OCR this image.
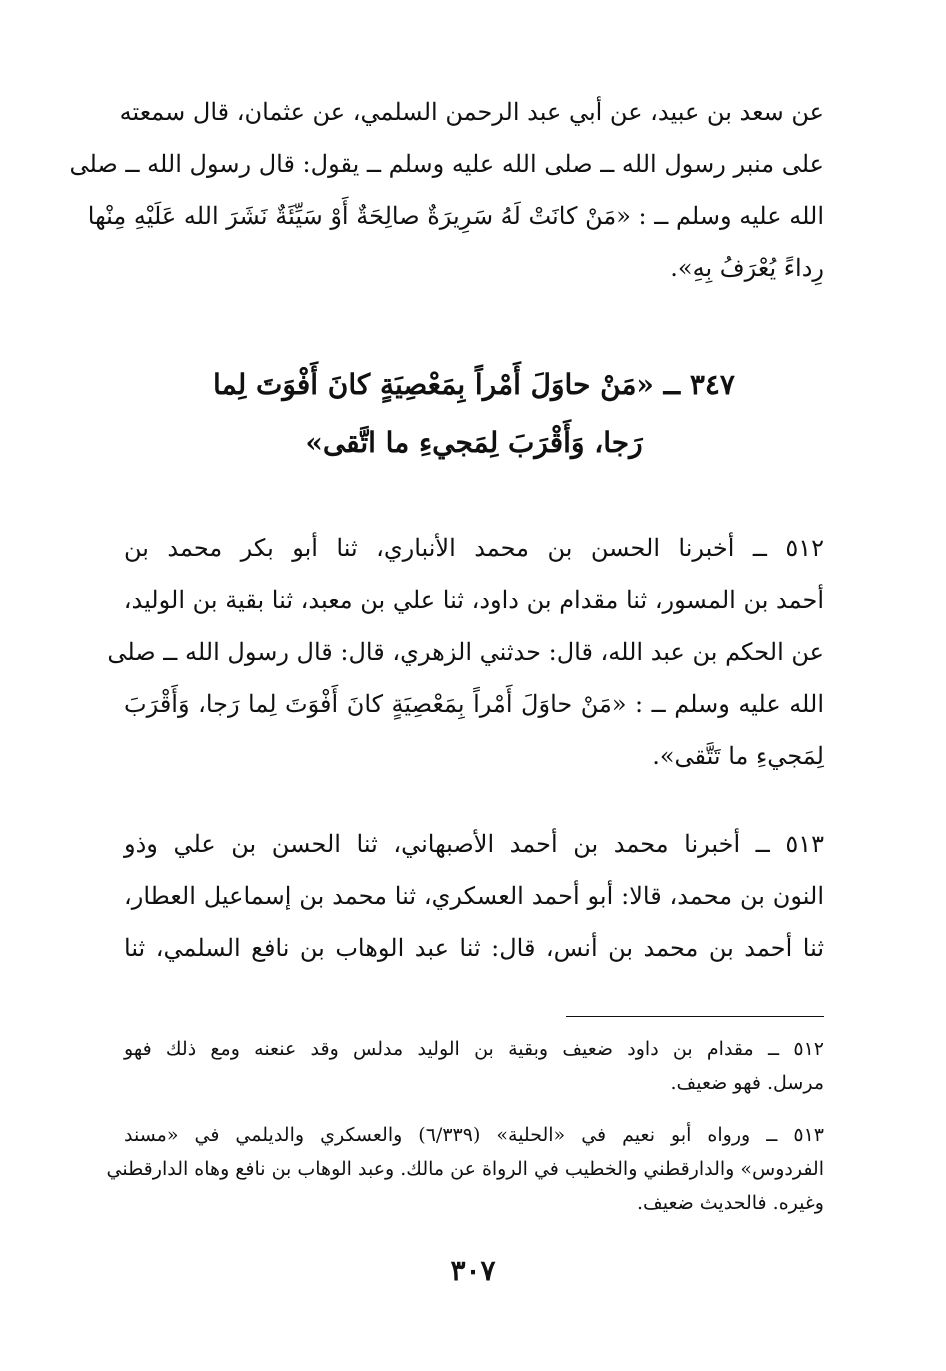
عن سعد بن عبيد، عن أبي عبد الرحمن السلمي، عن عثمان، قال سمعته
على منبر رسول الله ــ صلى الله عليه وسلم ــ يقول: قال رسول الله ــ صلى
الله عليه وسلم ــ : «مَنْ كانَتْ لَهُ سَرِيرَةٌ صالِحَةٌ أَوْ سَيِّئَةٌ نَشَرَ الله عَلَيْهِ مِنْها
رِداءً يُعْرَفُ بِهِ».
٣٤٧ ــ «مَنْ حاوَلَ أَمْراً بِمَعْصِيَةٍ كانَ أَفْوَتَ لِما
رَجا، وَأَقْرَبَ لِمَجيءِ ما اتَّقى»
٥١٢ ــ أخبرنا الحسن بن محمد الأنباري، ثنا أبو بكر محمد بن
أحمد بن المسور، ثنا مقدام بن داود، ثنا علي بن معبد، ثنا بقية بن الوليد،
عن الحكم بن عبد الله، قال: حدثني الزهري، قال: قال رسول الله ــ صلى
الله عليه وسلم ــ : «مَنْ حاوَلَ أَمْراً بِمَعْصِيَةٍ كانَ أَفْوَتَ لِما رَجا، وَأَقْرَبَ
لِمَجيءِ ما تَتَّقى».
٥١٣ ــ أخبرنا محمد بن أحمد الأصبهاني، ثنا الحسن بن علي وذو
النون بن محمد، قالا: أبو أحمد العسكري، ثنا محمد بن إسماعيل العطار،
ثنا أحمد بن محمد بن أنس، قال: ثنا عبد الوهاب بن نافع السلمي، ثنا
٥١٢ ــ مقدام بن داود ضعيف وبقية بن الوليد مدلس وقد عنعنه ومع ذلك فهو
مرسل. فهو ضعيف.
٥١٣ ــ ورواه أبو نعيم في «الحلية» (٦/٣٣٩) والعسكري والديلمي في «مسند
الفردوس» والدارقطني والخطيب في الرواة عن مالك. وعبد الوهاب بن نافع وهاه الدارقطني
وغيره. فالحديث ضعيف.
٣٠٧
